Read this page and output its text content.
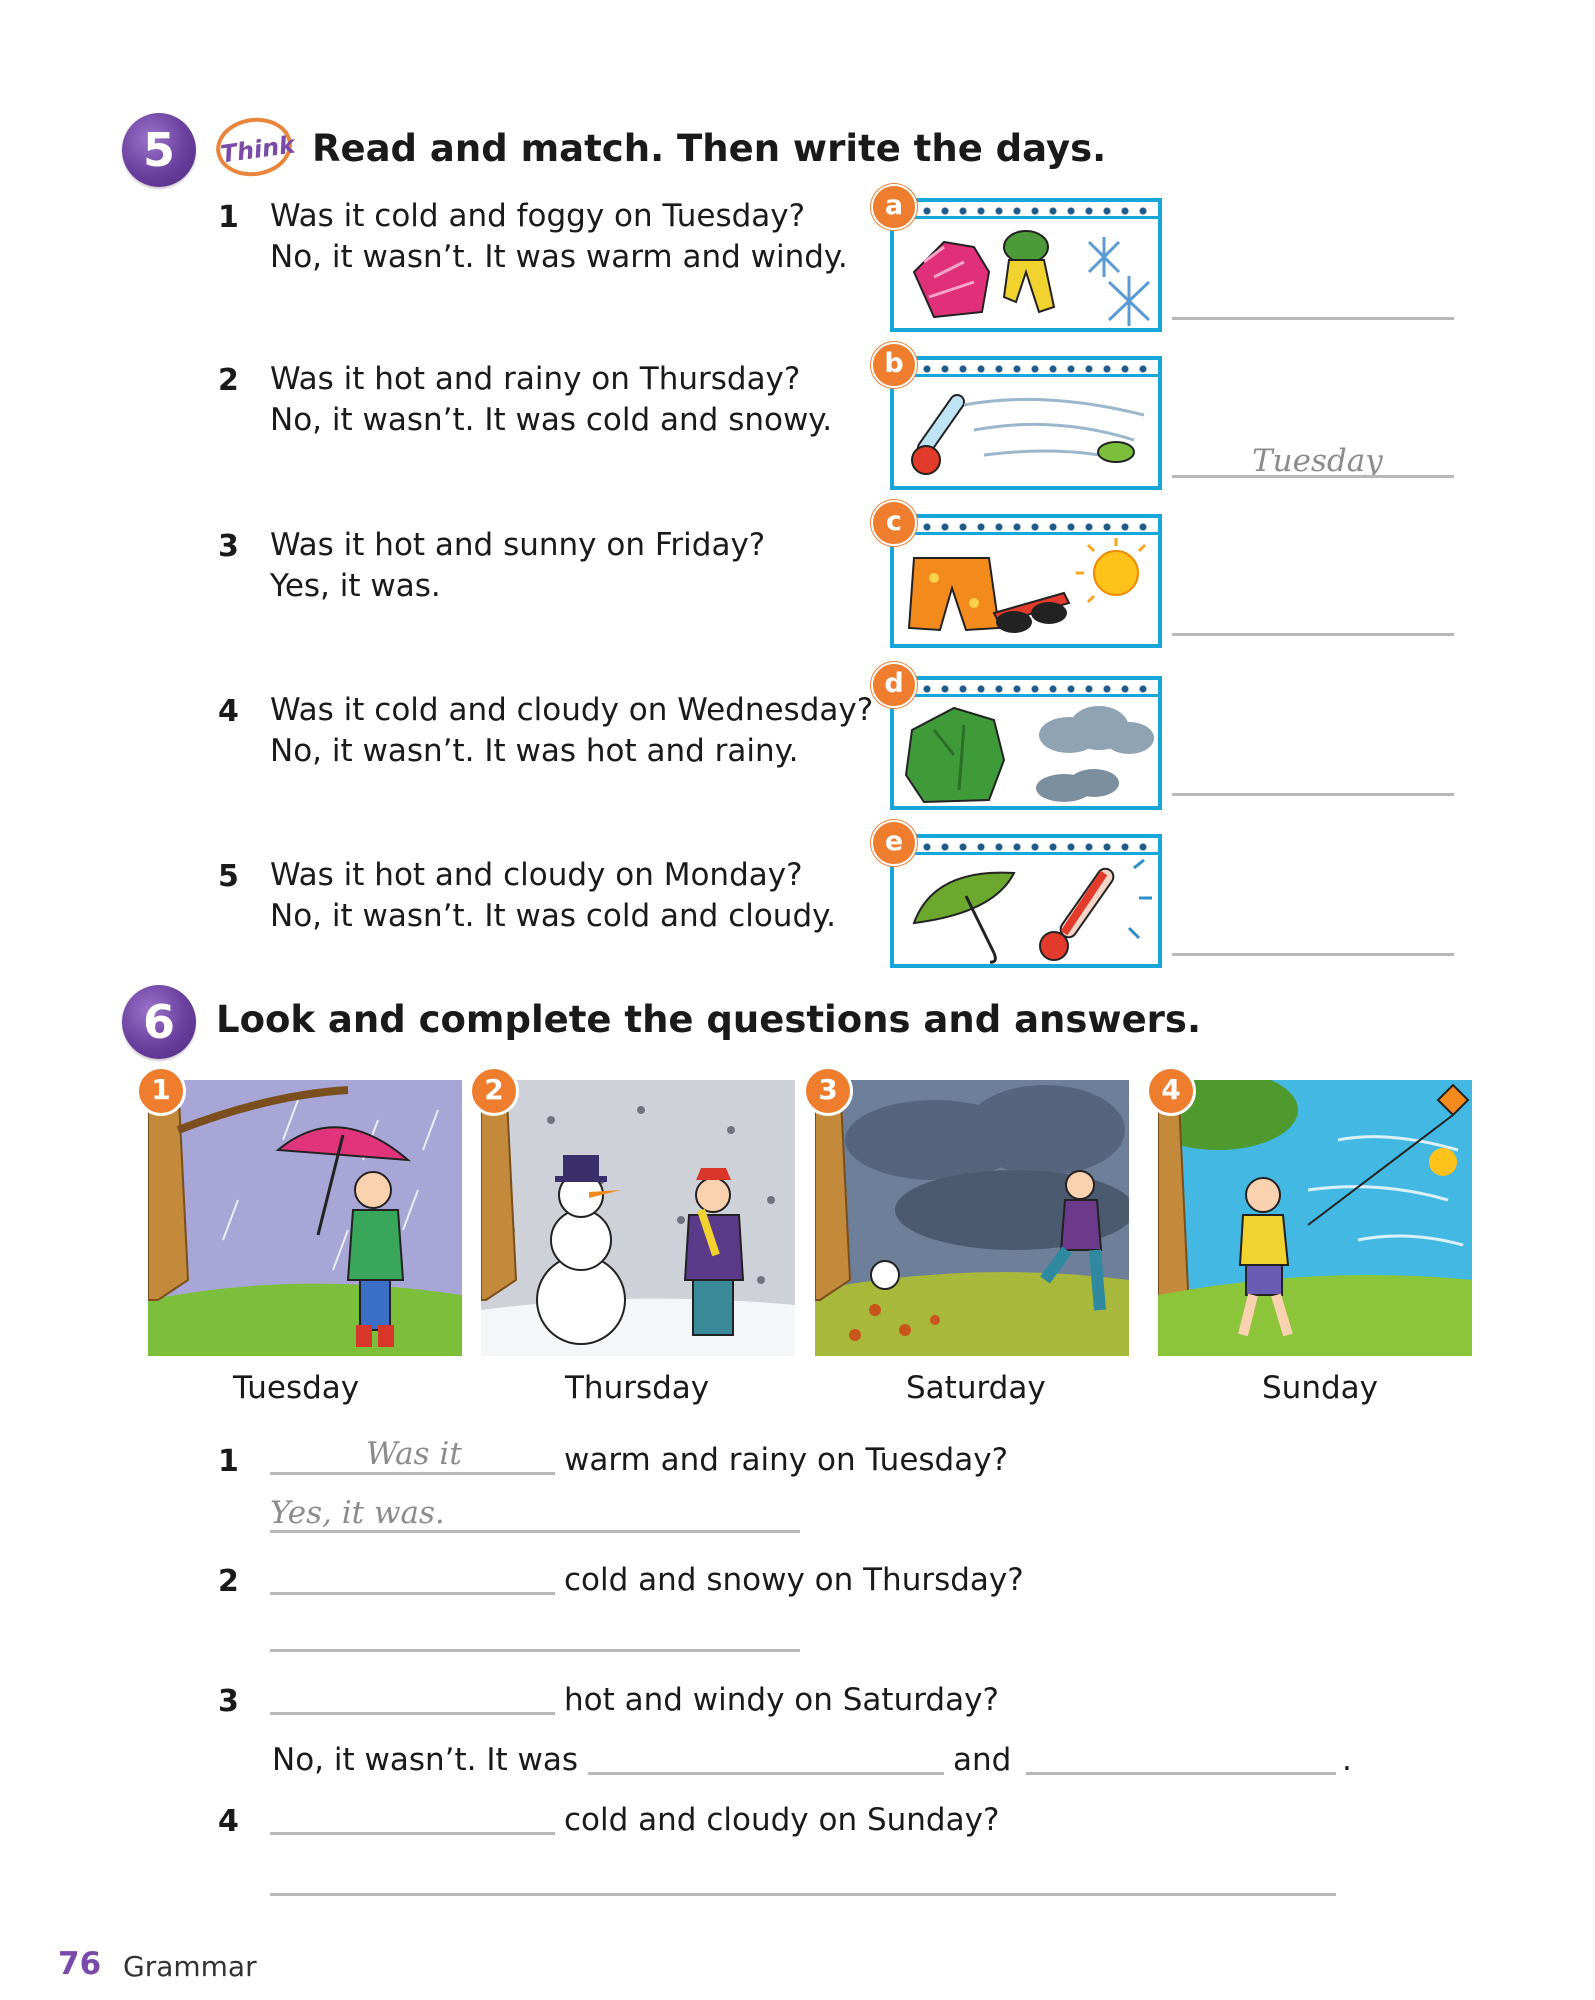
5	Think Read and match. Then write the days.
1 Was it cold and foggy on Tuesday?
No, it wasn’t. It was warm and windy.
2 Was it hot and rainy on Thursday?
No, it wasn’t. It was cold and snowy.
3 Was it hot and sunny on Friday?
Yes, it was.
4 Was it cold and cloudy on Wednesday?
No, it wasn’t. It was hot and rainy.
5 Was it hot and cloudy on Monday?
No, it wasn’t. It was cold and cloudy.
a
b
Tuesday
c
d
e
6	Look and complete the questions and answers.
1
Tuesday
2
Thursday
3
Saturday
4
Sunday
1	Was it	warm and rainy on Tuesday?
Yes, it was.
2	cold and snowy on Thursday?
3	hot and windy on Saturday?
No, it wasn’t. It was	and	.
4	cold and cloudy on Sunday?
76 Grammar
